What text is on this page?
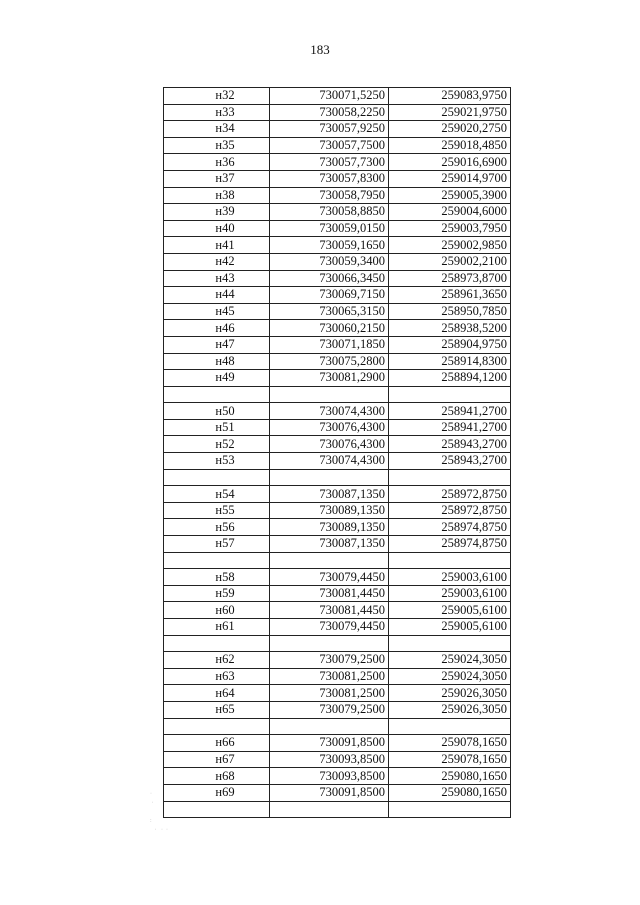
183
н32	730071,5250	259083,9750
н33	730058,2250	259021,9750
н34	730057,9250	259020,2750
н35	730057,7500	259018,4850
н36	730057,7300	259016,6900
н37	730057,8300	259014,9700
н38	730058,7950	259005,3900
н39	730058,8850	259004,6000
н40	730059,0150	259003,7950
н41	730059,1650	259002,9850
н42	730059,3400	259002,2100
н43	730066,3450	258973,8700
н44	730069,7150	258961,3650
н45	730065,3150	258950,7850
н46	730060,2150	258938,5200
н47	730071,1850	258904,9750
н48	730075,2800	258914,8300
н49	730081,2900	258894,1200

н50	730074,4300	258941,2700
н51	730076,4300	258941,2700
н52	730076,4300	258943,2700
н53	730074,4300	258943,2700

н54	730087,1350	258972,8750
н55	730089,1350	258972,8750
н56	730089,1350	258974,8750
н57	730087,1350	258974,8750

н58	730079,4450	259003,6100
н59	730081,4450	259003,6100
н60	730081,4450	259005,6100
н61	730079,4450	259005,6100

н62	730079,2500	259024,3050
н63	730081,2500	259024,3050
н64	730081,2500	259026,3050
н65	730079,2500	259026,3050

н66	730091,8500	259078,1650
н67	730093,8500	259078,1650
н68	730093,8500	259080,1650
н69	730091,8500	259080,1650

·
·

:
·   ·  ·
